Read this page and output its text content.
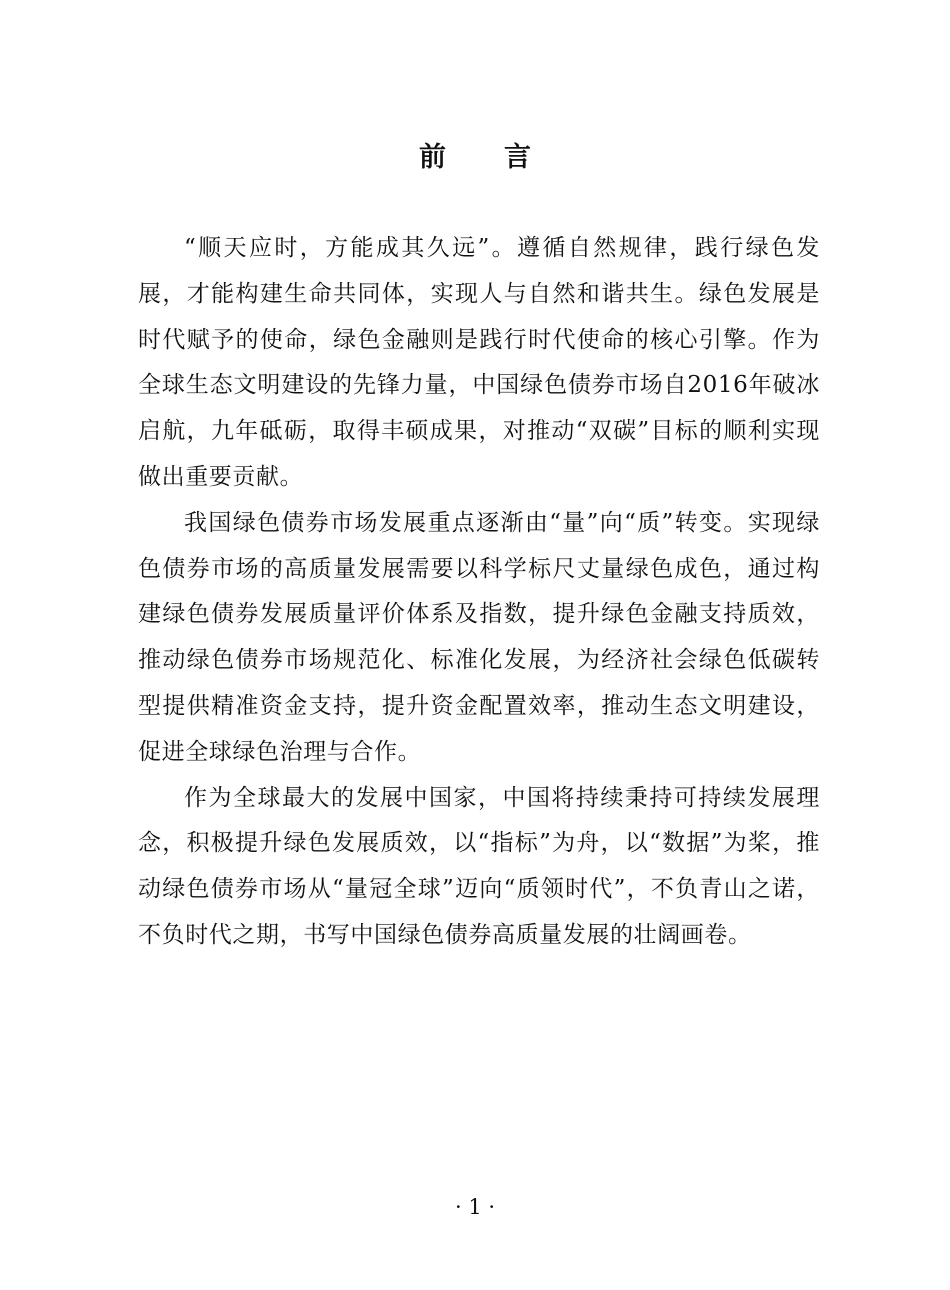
前言

“顺天应时，方能成其久远”。遵循自然规律，践行绿色发展，才能构建生命共同体，实现人与自然和谐共生。绿色发展是时代赋予的使命，绿色金融则是践行时代使命的核心引擎。作为全球生态文明建设的先锋力量，中国绿色债券市场自2016年破冰启航，九年砥砺，取得丰硕成果，对推动“双碳”目标的顺利实现做出重要贡献。

我国绿色债券市场发展重点逐渐由“量”向“质”转变。实现绿色债券市场的高质量发展需要以科学标尺丈量绿色成色，通过构建绿色债券发展质量评价体系及指数，提升绿色金融支持质效，推动绿色债券市场规范化、标准化发展，为经济社会绿色低碳转型提供精准资金支持，提升资金配置效率，推动生态文明建设，促进全球绿色治理与合作。

作为全球最大的发展中国家，中国将持续秉持可持续发展理念，积极提升绿色发展质效，以“指标”为舟，以“数据”为桨，推动绿色债券市场从“量冠全球”迈向“质领时代”，不负青山之诺，不负时代之期，书写中国绿色债券高质量发展的壮阔画卷。

· 1 ·
